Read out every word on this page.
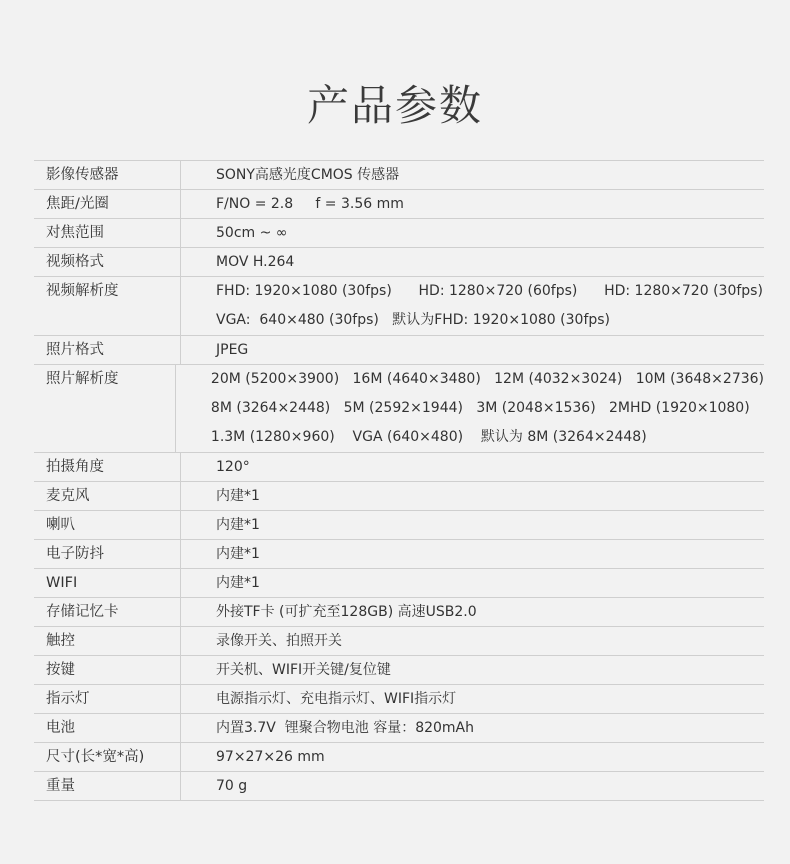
产品参数
影像传感器	SONY高感光度CMOS 传感器
焦距/光圈	F/NO = 2.8     f = 3.56 mm
对焦范围	50cm ~ ∞
视频格式	MOV H.264
视频解析度	FHD: 1920×1080 (30fps)      HD: 1280×720 (60fps)      HD: 1280×720 (30fps)
VGA:  640×480 (30fps)   默认为FHD: 1920×1080 (30fps)
照片格式	JPEG
照片解析度	20M (5200×3900)   16M (4640×3480)   12M (4032×3024)   10M (3648×2736)
8M (3264×2448)   5M (2592×1944)   3M (2048×1536)   2MHD (1920×1080)
1.3M (1280×960)    VGA (640×480)    默认为 8M (3264×2448)
拍摄角度	120°
麦克风	内建*1
喇叭	内建*1
电子防抖	内建*1
WIFI	内建*1
存储记忆卡	外接TF卡 (可扩充至128GB) 高速USB2.0
触控	录像开关、拍照开关
按键	开关机、WIFI开关键/复位键
指示灯	电源指示灯、充电指示灯、WIFI指示灯
电池	内置3.7V  锂聚合物电池 容量：820mAh
尺寸(长*宽*高)	97×27×26 mm
重量	70 g
